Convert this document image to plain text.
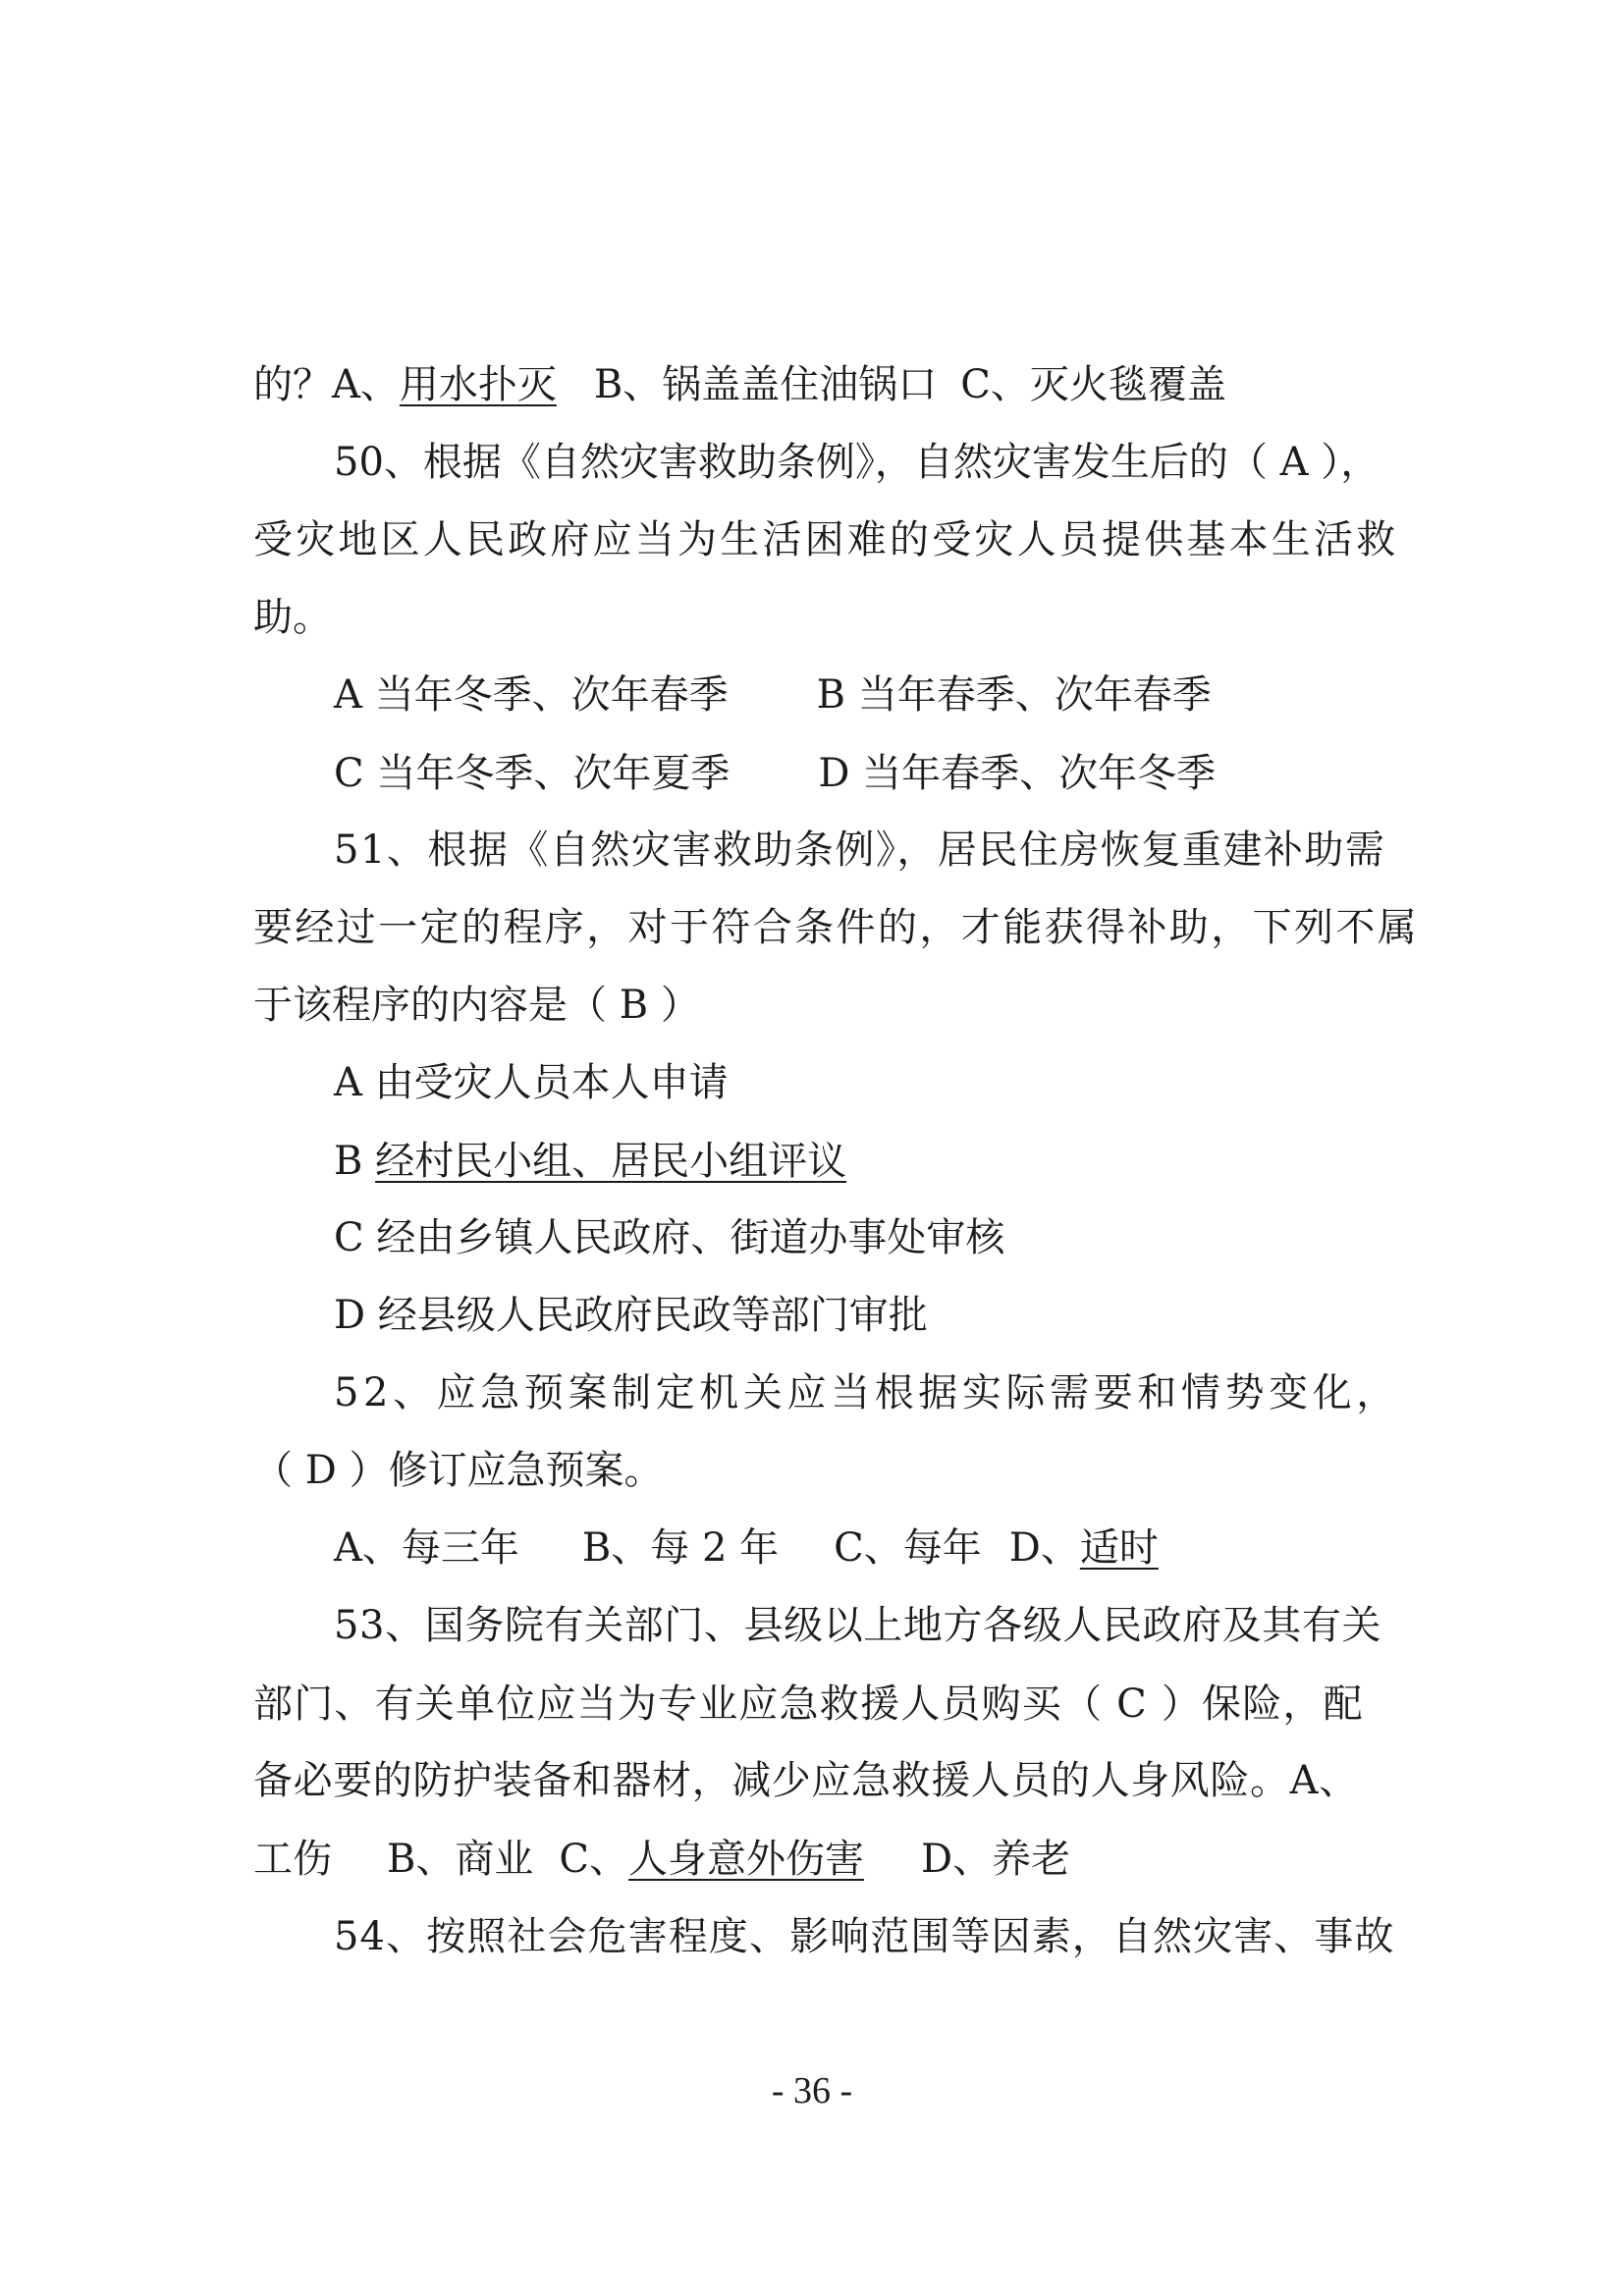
的？A、用水扑灭 B、锅盖盖住油锅口 C、灭火毯覆盖
50、根据《自然灾害救助条例》，自然灾害发生后的（ A ），
受灾地区人民政府应当为生活困难的受灾人员提供基本生活救
助。
A 当年冬季、次年春季 B 当年春季、次年春季
C 当年冬季、次年夏季 D 当年春季、次年冬季
51、根据《自然灾害救助条例》，居民住房恢复重建补助需
要经过一定的程序，对于符合条件的，才能获得补助，下列不属
于该程序的内容是（ B ）
A 由受灾人员本人申请
B 经村民小组、居民小组评议
C 经由乡镇人民政府、街道办事处审核
D 经县级人民政府民政等部门审批
52、应急预案制定机关应当根据实际需要和情势变化，
（ D ）修订应急预案。
A、每三年 B、每 2 年 C、每年 D、适时
53、国务院有关部门、县级以上地方各级人民政府及其有关
部门、有关单位应当为专业应急救援人员购买（ C ）保险，配
备必要的防护装备和器材，减少应急救援人员的人身风险。A、
工伤 B、商业 C、人身意外伤害 D、养老
54、按照社会危害程度、影响范围等因素，自然灾害、事故
- 36 -
